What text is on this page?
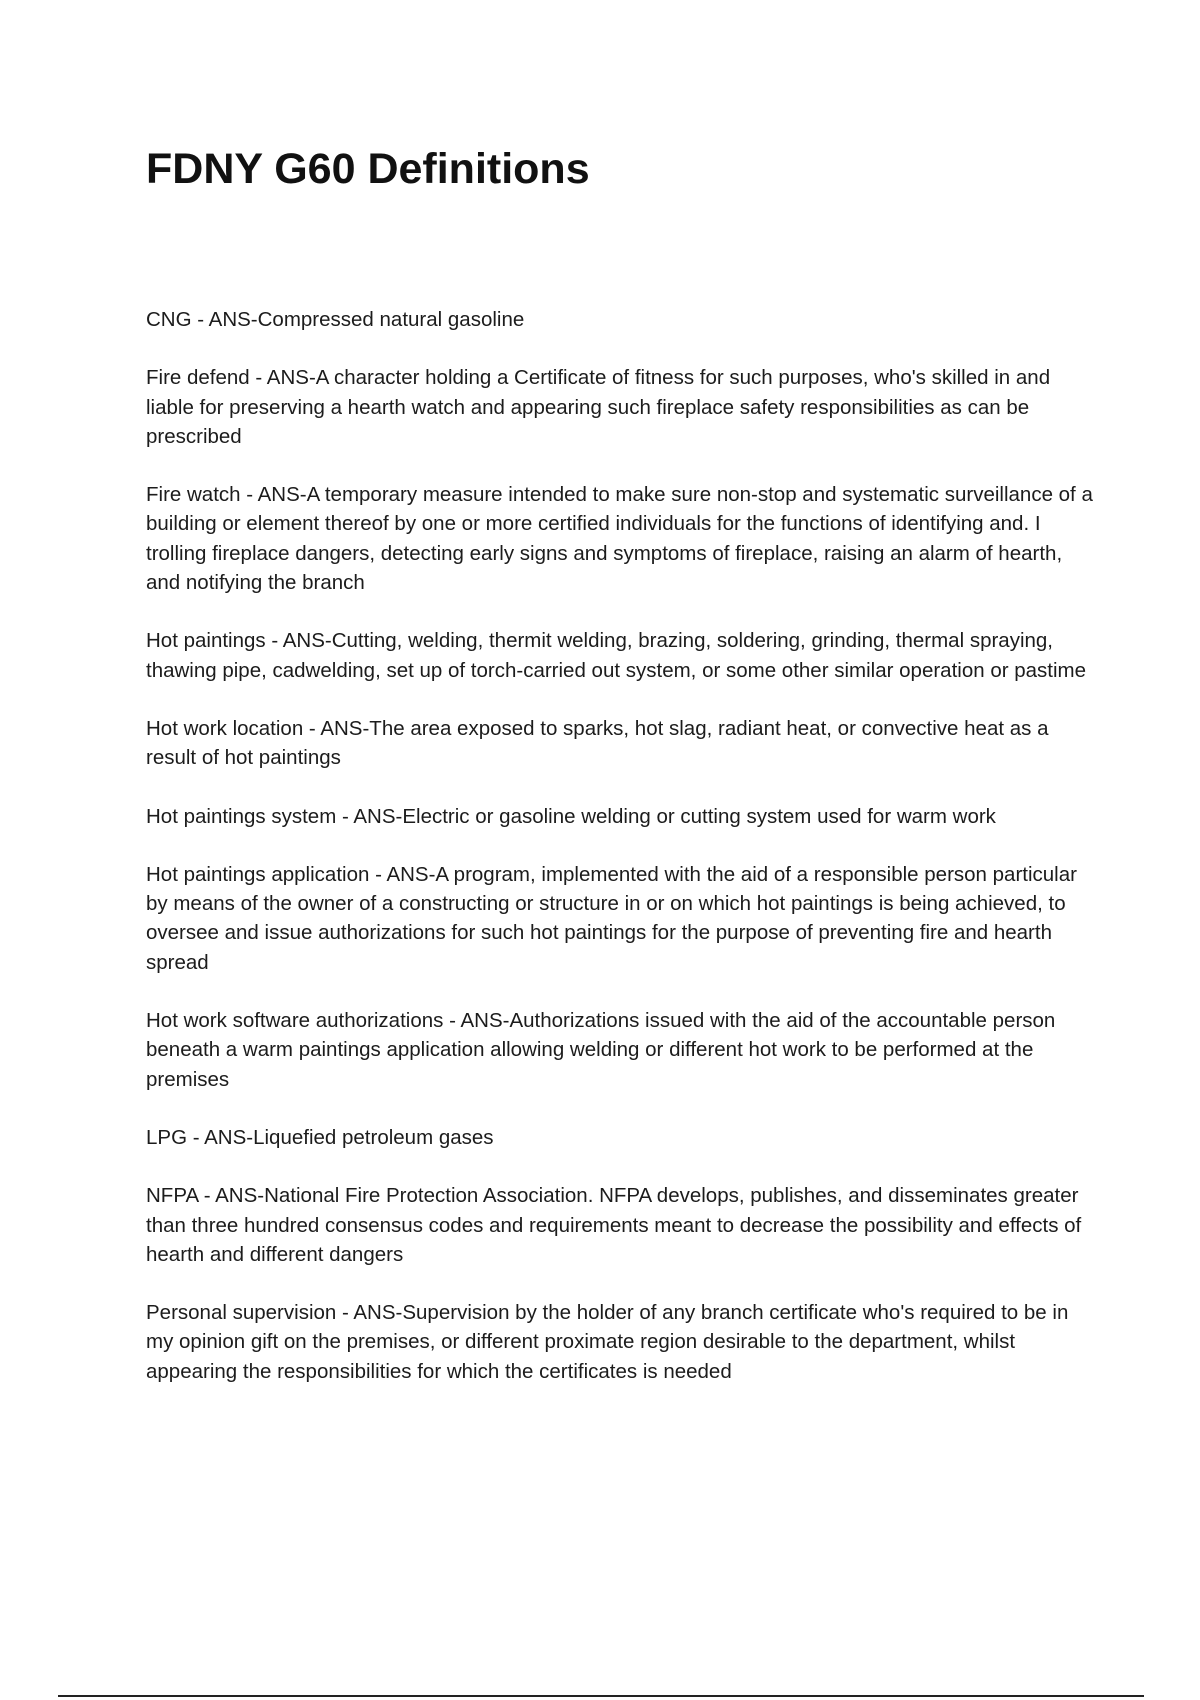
FDNY G60 Definitions
CNG - ANS-Compressed natural gasoline
Fire defend - ANS-A character holding a Certificate of fitness for such purposes, who's skilled in and liable for preserving a hearth watch and appearing such fireplace safety responsibilities as can be prescribed
Fire watch - ANS-A temporary measure intended to make sure non-stop and systematic surveillance of a building or element thereof by one or more certified individuals for the functions of identifying and. I trolling fireplace dangers, detecting early signs and symptoms of fireplace, raising an alarm of hearth, and notifying the branch
Hot paintings - ANS-Cutting, welding, thermit welding, brazing, soldering, grinding, thermal spraying, thawing pipe, cadwelding, set up of torch-carried out system, or some other similar operation or pastime
Hot work location - ANS-The area exposed to sparks, hot slag, radiant heat, or convective heat as a result of hot paintings
Hot paintings system - ANS-Electric or gasoline welding or cutting system used for warm work
Hot paintings application - ANS-A program, implemented with the aid of a responsible person particular by means of the owner of a constructing or structure in or on which hot paintings is being achieved, to oversee and issue authorizations for such hot paintings for the purpose of preventing fire and hearth spread
Hot work software authorizations - ANS-Authorizations issued with the aid of the accountable person beneath a warm paintings application allowing welding or different hot work to be performed at the premises
LPG - ANS-Liquefied petroleum gases
NFPA - ANS-National Fire Protection Association. NFPA develops, publishes, and disseminates greater than three hundred consensus codes and requirements meant to decrease the possibility and effects of hearth and different dangers
Personal supervision - ANS-Supervision by the holder of any branch certificate who's required to be in my opinion gift on the premises, or different proximate region desirable to the department, whilst appearing the responsibilities for which the certificates is needed
